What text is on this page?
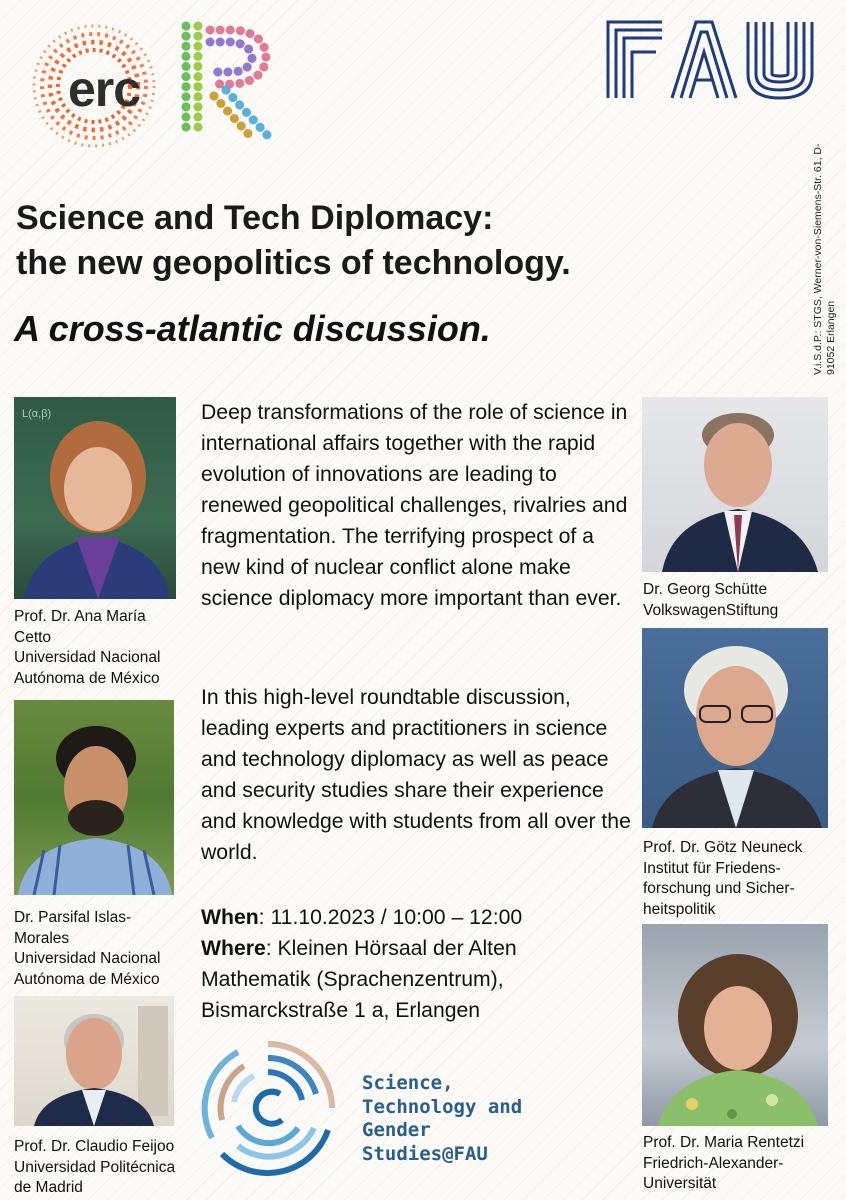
erc
V.i.S.d.P.: STGS, Werner-von-Siemens-Str. 61, D-91052 Erlangen
Science and Tech Diplomacy:
the new geopolitics of technology.
A cross-atlantic discussion.
Deep transformations of the role of science in international affairs together with the rapid evolution of innovations are leading to renewed geopolitical challenges, rivalries and fragmentation. The terrifying prospect of a new kind of nuclear conflict alone make science diplomacy more important than ever.
In this high-level roundtable discussion, leading experts and practitioners in science and technology diplomacy as well as peace and security studies share their experience and knowledge with students from all over the world.
When: 11.10.2023 / 10:00 – 12:00
Where: Kleinen Hörsaal der Alten Mathematik (Sprachenzentrum), Bismarckstraße 1 a, Erlangen
L(α,β)
Prof. Dr. Ana María
Cetto
Universidad Nacional
Autónoma de México
Dr. Parsifal Islas-
Morales
Universidad Nacional
Autónoma de México
Prof. Dr. Claudio Feijoo
Universidad Politécnica
de Madrid
Dr. Georg Schütte
VolkswagenStiftung
Prof. Dr. Götz Neuneck
Institut für Friedens-
forschung und Sicher-
heitspolitik
Prof. Dr. Maria Rentetzi
Friedrich-Alexander-
Universität
Science,
Technology and
Gender
Studies@FAU
